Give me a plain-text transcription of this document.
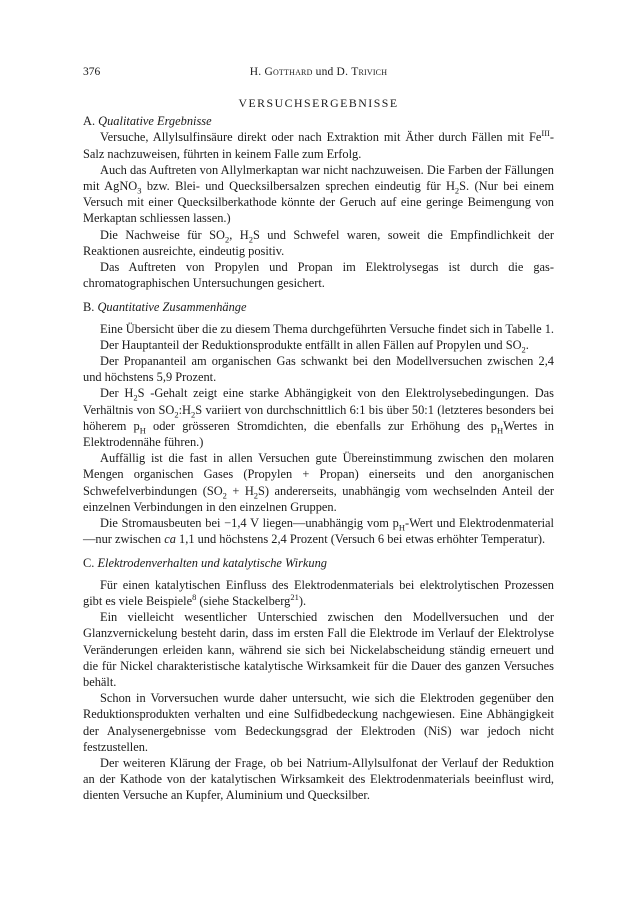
376	H. Gotthard und D. Trivich
VERSUCHSERGEBNISSE
A. Qualitative Ergebnisse

Versuche, Allylsulfinsäure direkt oder nach Extraktion mit Äther durch Fällen mit $Fe^{III}$-Salz nachzuweisen, führten in keinem Falle zum Erfolg.

Auch das Auftreten von Allylmerkaptan war nicht nachzuweisen. Die Farben der Fällungen mit AgNO$_3$ bzw. Blei- und Quecksilbersalzen sprechen eindeutig für $H_2S$. (Nur bei einem Versuch mit einer Quecksilberkathode könnte der Geruch auf eine geringe Beimengung von Merkaptan schliessen lassen.)

Die Nachweise für $SO_2$, $H_2S$ und Schwefel waren, soweit die Empfindlichkeit der Reaktionen ausreichte, eindeutig positiv.

Das Auftreten von Propylen und Propan im Elektrolysegas ist durch die gas-chromatographischen Untersuchungen gesichert.

B. Quantitative Zusammenhänge

Eine Übersicht über die zu diesem Thema durchgeführten Versuche findet sich in Tabelle 1.

Der Hauptanteil der Reduktionsprodukte entfällt in allen Fällen auf Propylen und $SO_2$.

Der Propananteil am organischen Gas schwankt bei den Modellversuchen zwischen 2,4 und höchstens 5,9 Prozent.

Der $H_2S$ -Gehalt zeigt eine starke Abhängigkeit von den Elektrolysebedingungen. Das Verhältnis von $SO_2:H_2S$ variiert von durchschnittlich 6:1 bis über 50:1 (letzteres besonders bei höherem $p_H$ oder grösseren Stromdichten, die ebenfalls zur Erhöhung des $p_HWertes$ in Elektrodennähe führen.)

Auffällig ist die fast in allen Versuchen gute Übereinstimmung zwischen den molaren Mengen organischen Gases (Propylen + Propan) einerseits und den anorganischen Schwefelverbindungen $(SO_2 + H_2S)$ andererseits, unabhängig vom wechselnden Anteil der einzelnen Verbindungen in den einzelnen Gruppen.

Die Stromausbeuten bei −1,4 V liegen—unabhängig vom $p_H$-Wert und Elektrodenmaterial—nur zwischen ca 1,1 und höchstens 2,4 Prozent (Versuch 6 bei etwas erhöhter Temperatur).

C. Elektrodenverhalten und katalytische Wirkung

Für einen katalytischen Einfluss des Elektrodenmaterials bei elektrolytischen Prozessen gibt es viele Beispiele$^8$ (siehe Stackelberg$^{21}$).

Ein vielleicht wesentlicher Unterschied zwischen den Modellversuchen und der Glanzvernickelung besteht darin, dass im ersten Fall die Elektrode im Verlauf der Elektrolyse Veränderungen erleiden kann, während sie sich bei Nickelabscheidung ständig erneuert und die für Nickel charakteristische katalytische Wirksamkeit für die Dauer des ganzen Versuches behält.

Schon in Vorversuchen wurde daher untersucht, wie sich die Elektroden gegenüber den Reduktionsprodukten verhalten und eine Sulfidbedeckung nachgewiesen. Eine Abhängigkeit der Analysenergebnisse vom Bedeckungsgrad der Elektroden (NiS) war jedoch nicht festzustellen.

Der weiteren Klärung der Frage, ob bei Natrium-Allylsulfonat der Verlauf der Reduktion an der Kathode von der katalytischen Wirksamkeit des Elektrodenmaterials beeinflust wird, dienten Versuche an Kupfer, Aluminium und Quecksilber.
